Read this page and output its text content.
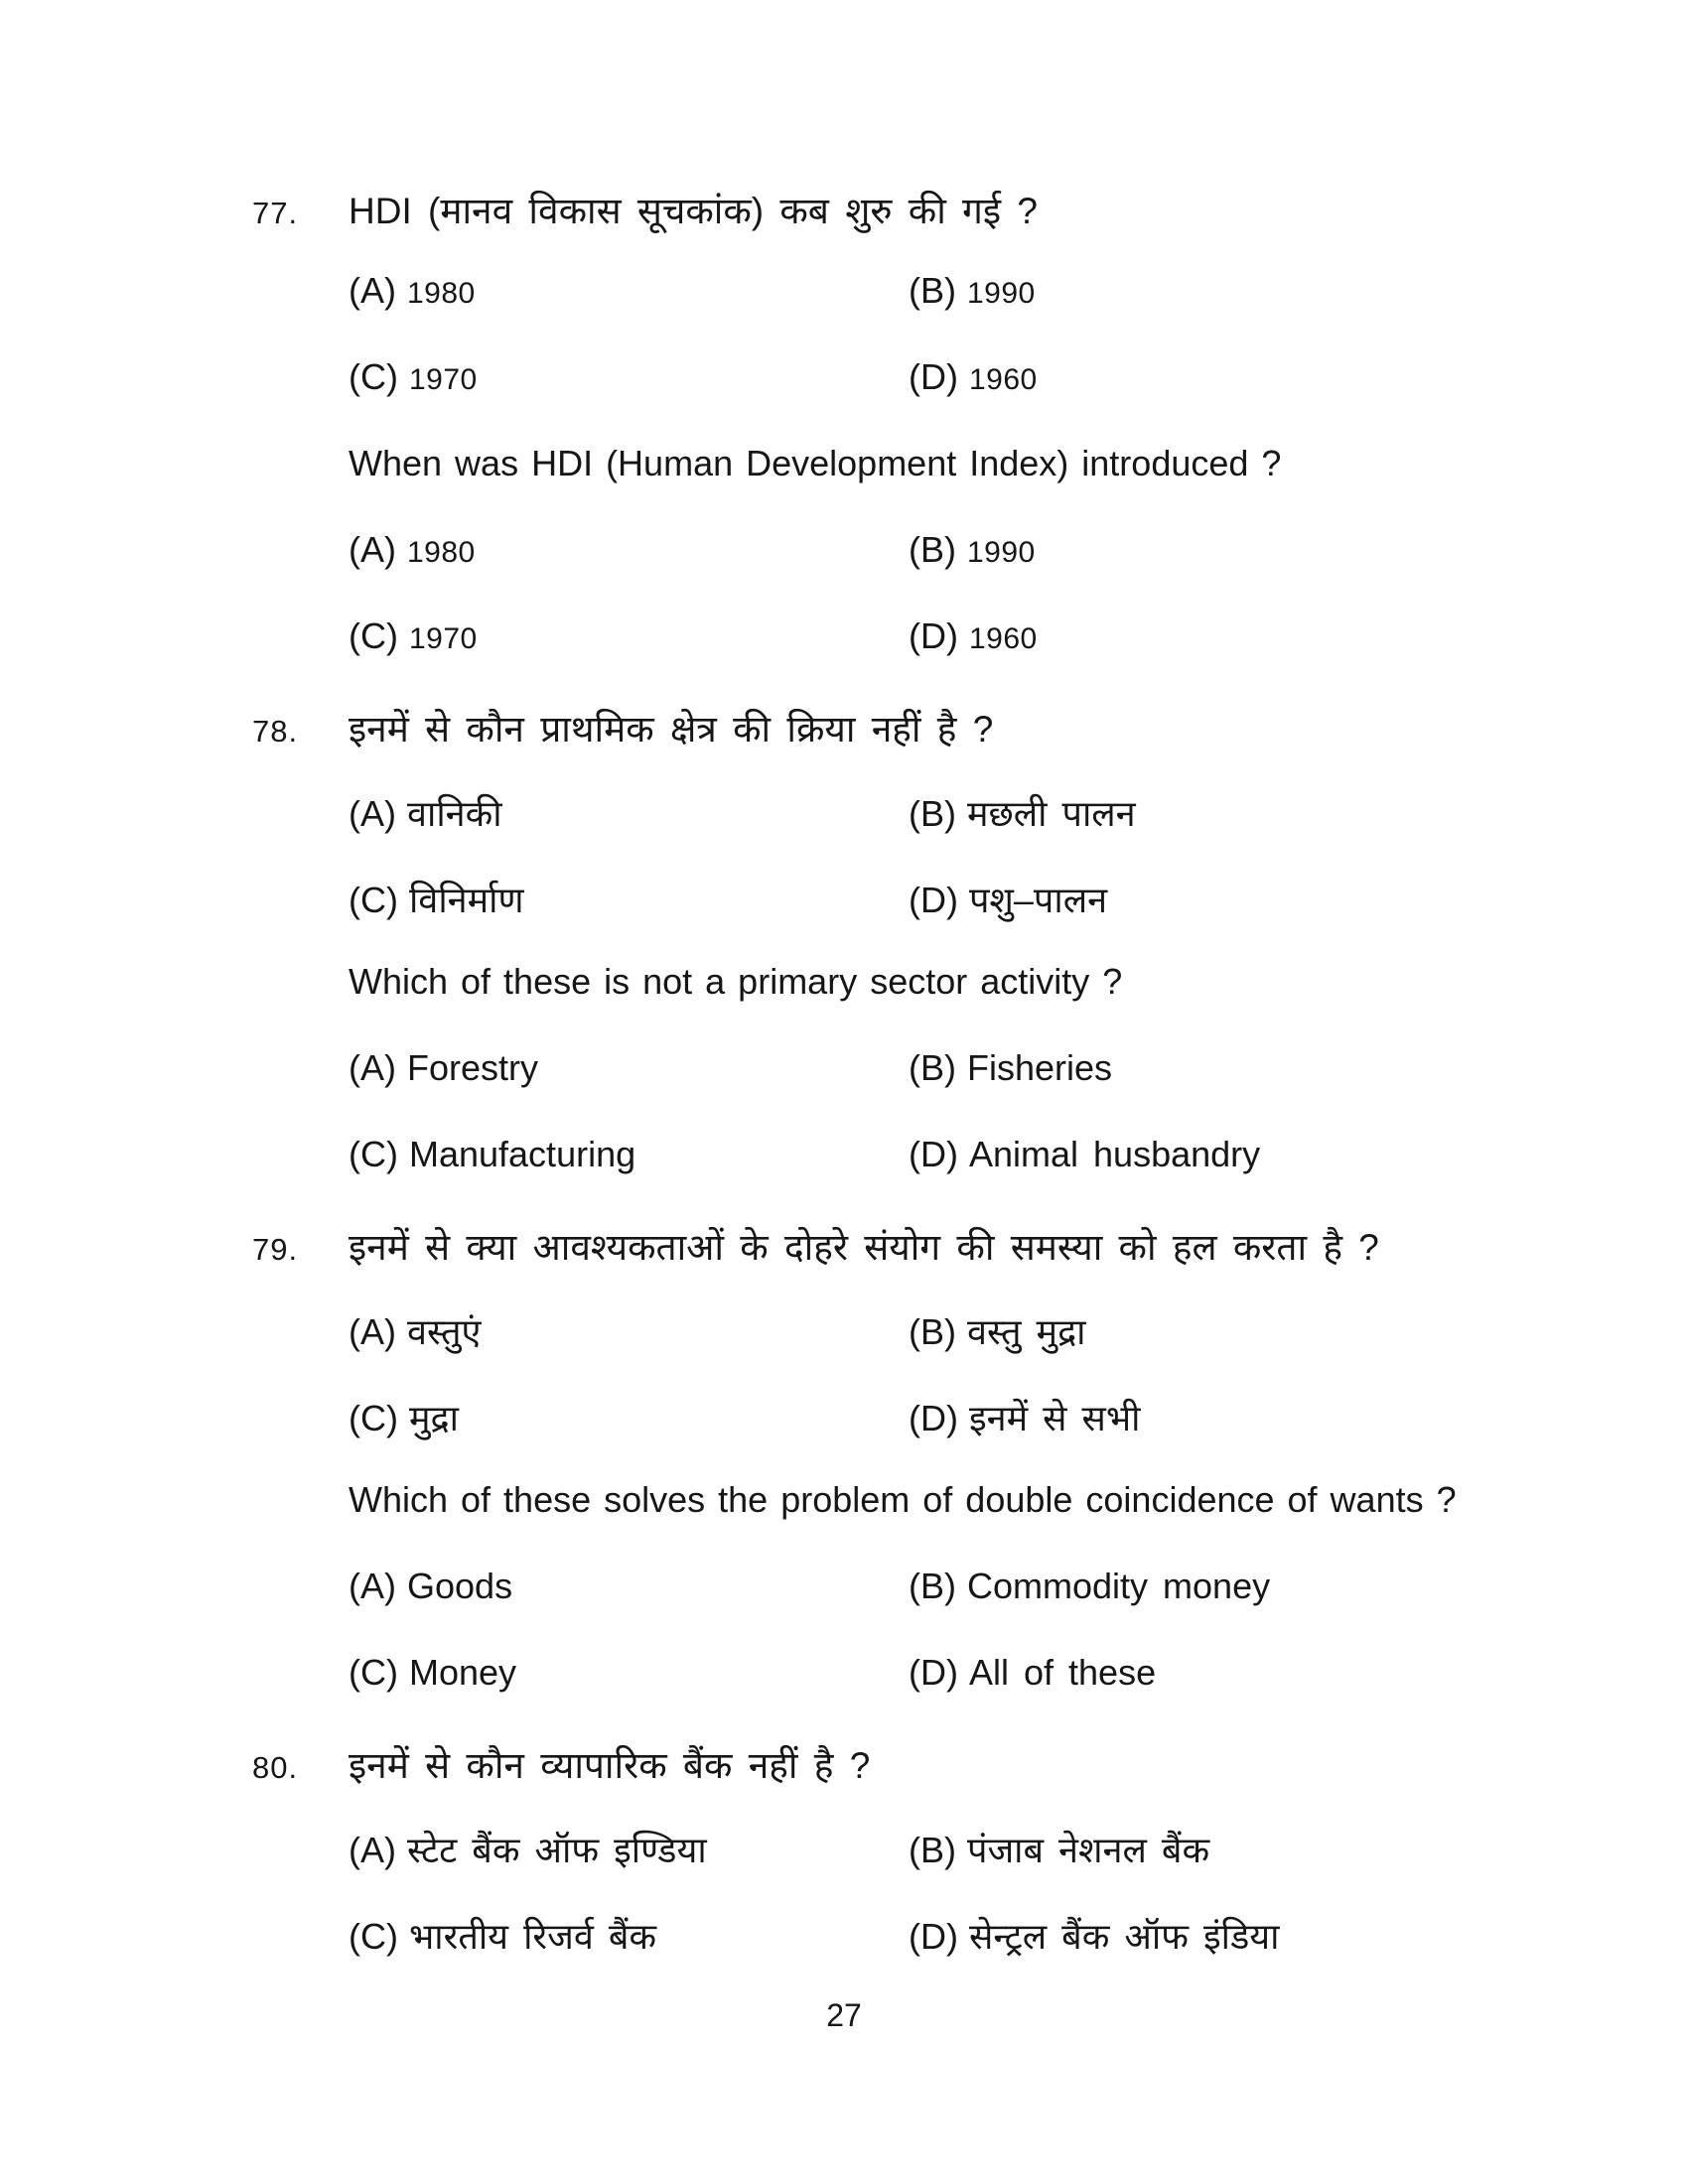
77.	HDI (मानव विकास सूचकांक) कब शुरु की गई ?
(A) 1980	(B) 1990
(C) 1970	(D) 1960
When was HDI (Human Development Index) introduced ?
(A) 1980	(B) 1990
(C) 1970	(D) 1960
78.	इनमें से कौन प्राथमिक क्षेत्र की क्रिया नहीं है ?
(A) वानिकी	(B) मछली पालन
(C) विनिर्माण	(D) पशु–पालन
Which of these is not a primary sector activity ?
(A) Forestry	(B) Fisheries
(C) Manufacturing	(D) Animal husbandry
79.	इनमें से क्या आवश्यकताओं के दोहरे संयोग की समस्या को हल करता है ?
(A) वस्तुएं	(B) वस्तु मुद्रा
(C) मुद्रा	(D) इनमें से सभी
Which of these solves the problem of double coincidence of wants ?
(A) Goods	(B) Commodity money
(C) Money	(D) All of these
80.	इनमें से कौन व्यापारिक बैंक नहीं है ?
(A) स्टेट बैंक ऑफ इण्डिया	(B) पंजाब नेशनल बैंक
(C) भारतीय रिजर्व बैंक	(D) सेन्ट्रल बैंक ऑफ इंडिया
27
